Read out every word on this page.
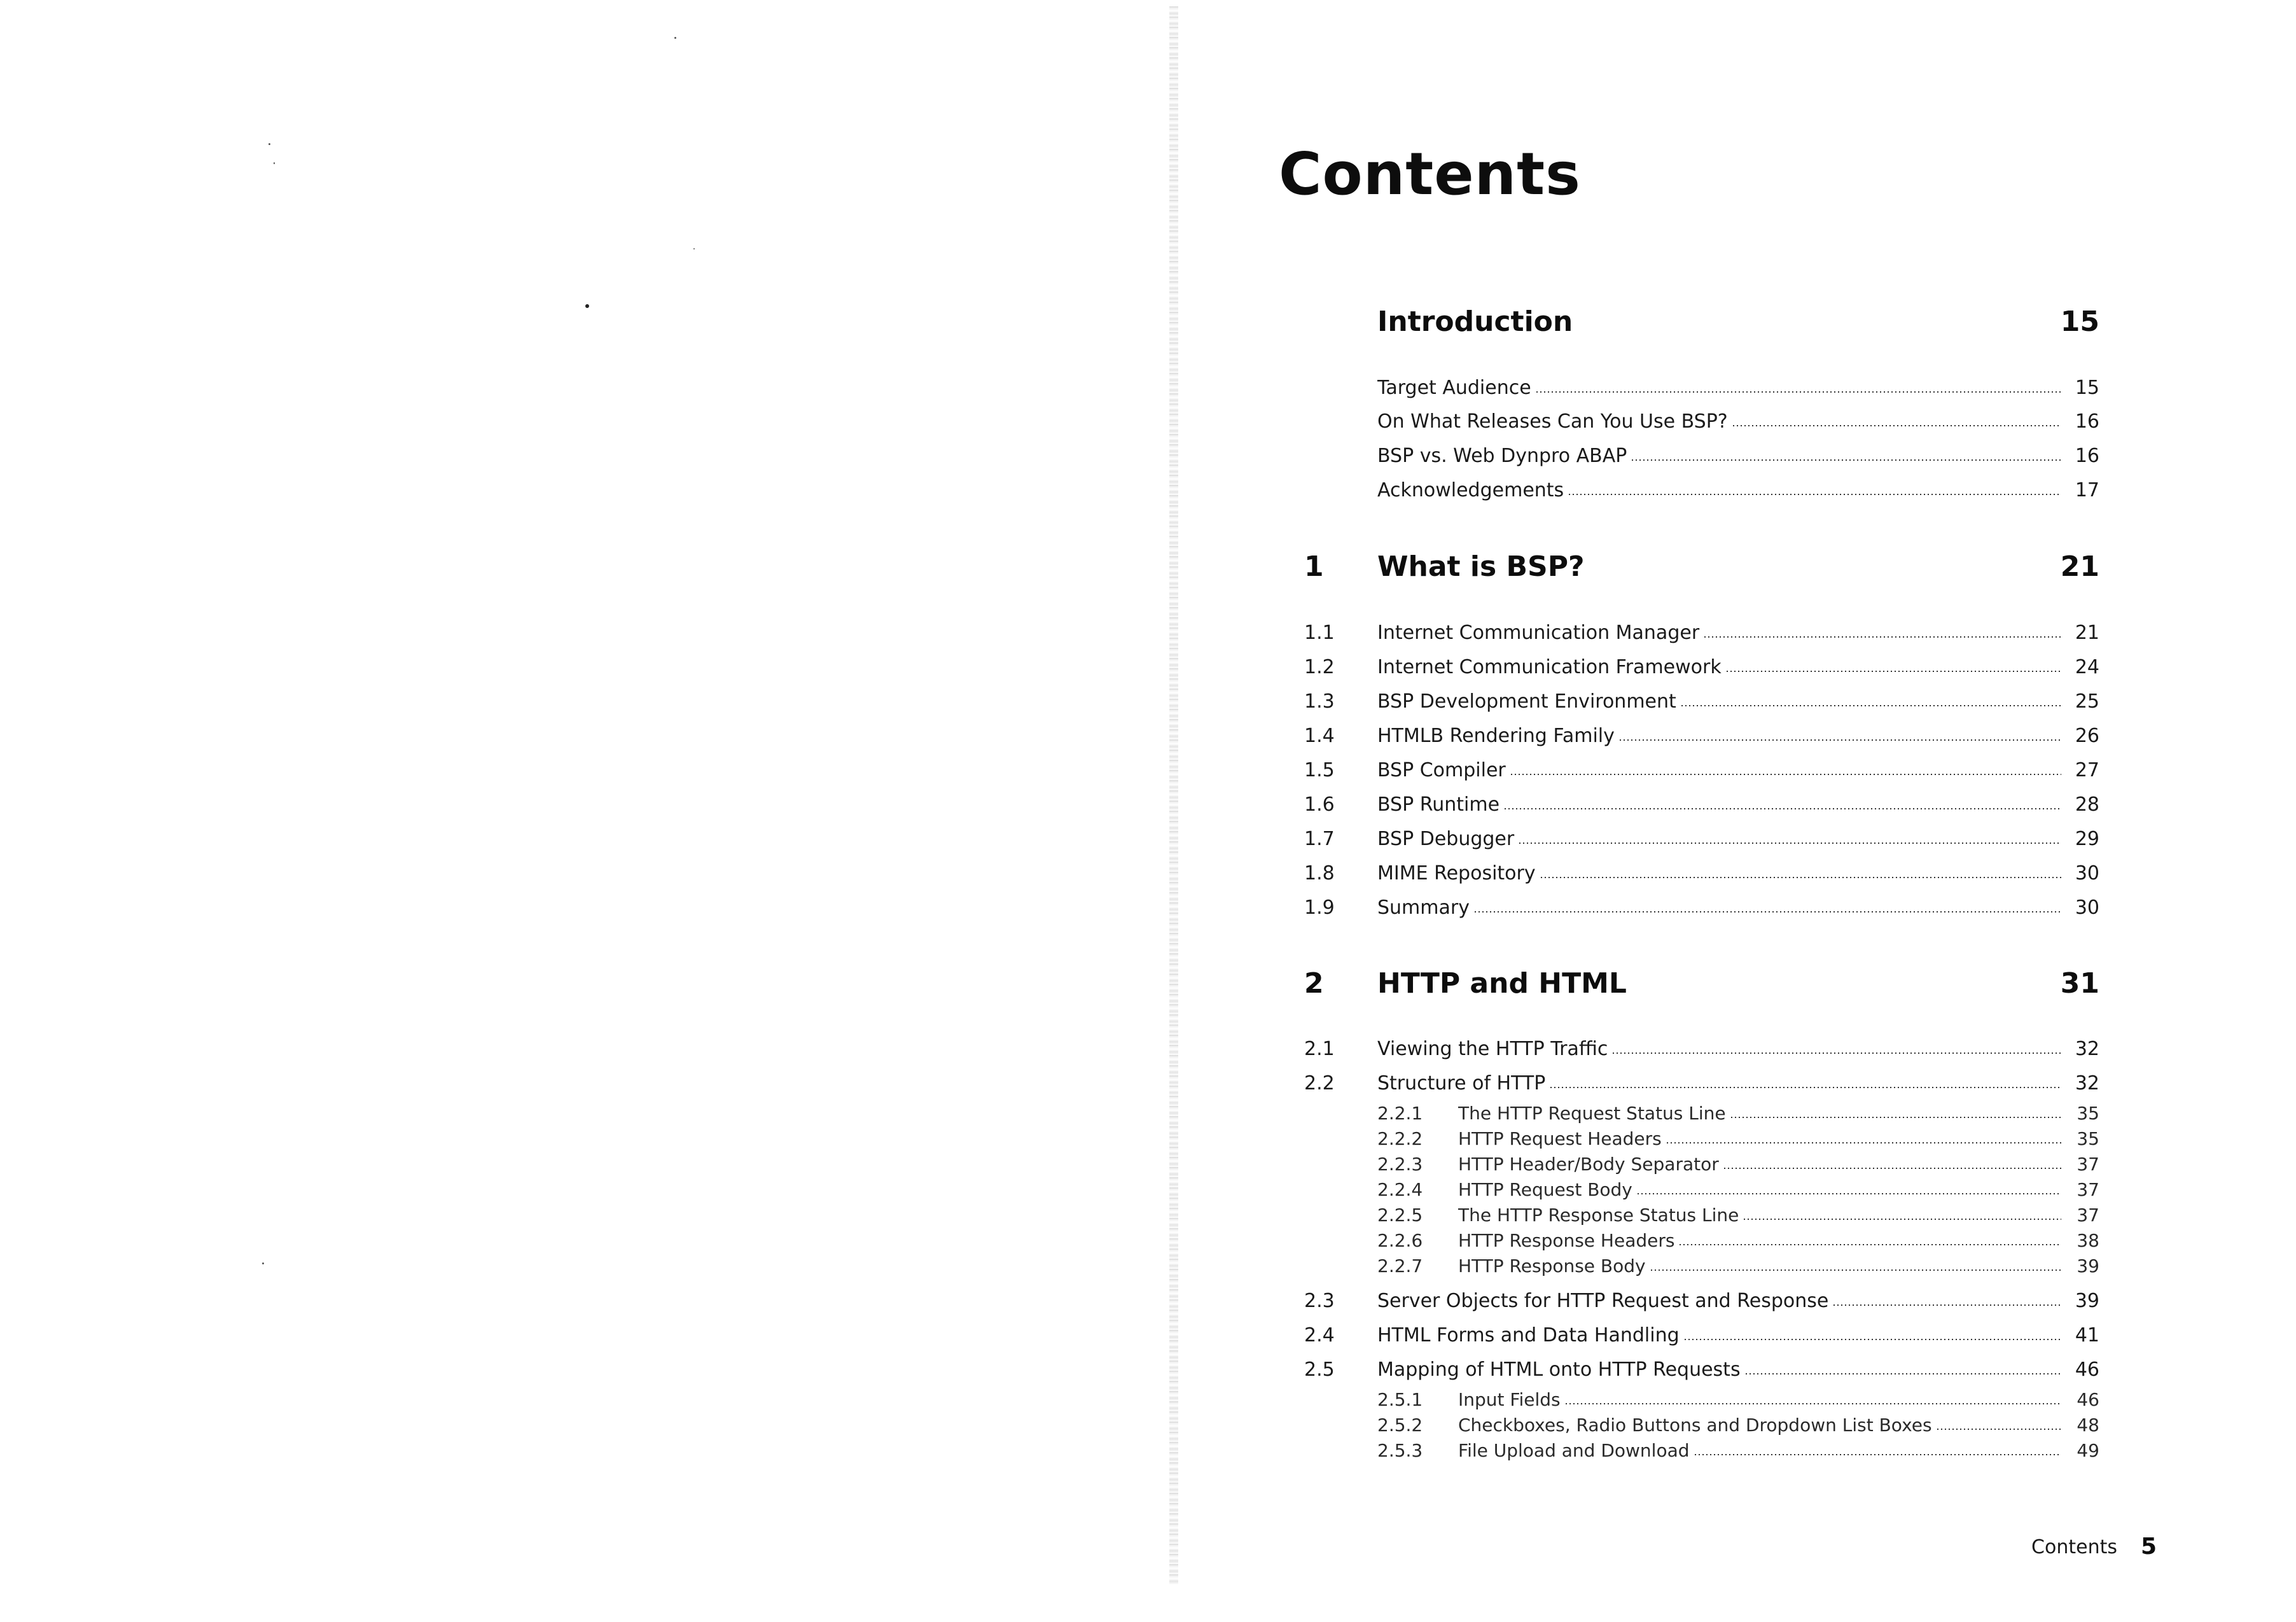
Contents
Introduction	15
Target Audience	15
On What Releases Can You Use BSP?	16
BSP vs. Web Dynpro ABAP	16
Acknowledgements	17
1	What is BSP?	21
1.1 Internet Communication Manager	21
1.2 Internet Communication Framework	24
1.3 BSP Development Environment	25
1.4 HTMLB Rendering Family	26
1.5 BSP Compiler	27
1.6 BSP Runtime	28
1.7 BSP Debugger	29
1.8 MIME Repository	30
1.9 Summary	30
2	HTTP and HTML	31
2.1 Viewing the HTTP Traffic	32
2.2 Structure of HTTP	32
2.2.1 The HTTP Request Status Line	35
2.2.2 HTTP Request Headers	35
2.2.3 HTTP Header/Body Separator	37
2.2.4 HTTP Request Body	37
2.2.5 The HTTP Response Status Line	37
2.2.6 HTTP Response Headers	38
2.2.7 HTTP Response Body	39
2.3 Server Objects for HTTP Request and Response	39
2.4 HTML Forms and Data Handling	41
2.5 Mapping of HTML onto HTTP Requests	46
2.5.1 Input Fields	46
2.5.2 Checkboxes, Radio Buttons and Dropdown List Boxes	48
2.5.3 File Upload and Download	49
Contents 5
